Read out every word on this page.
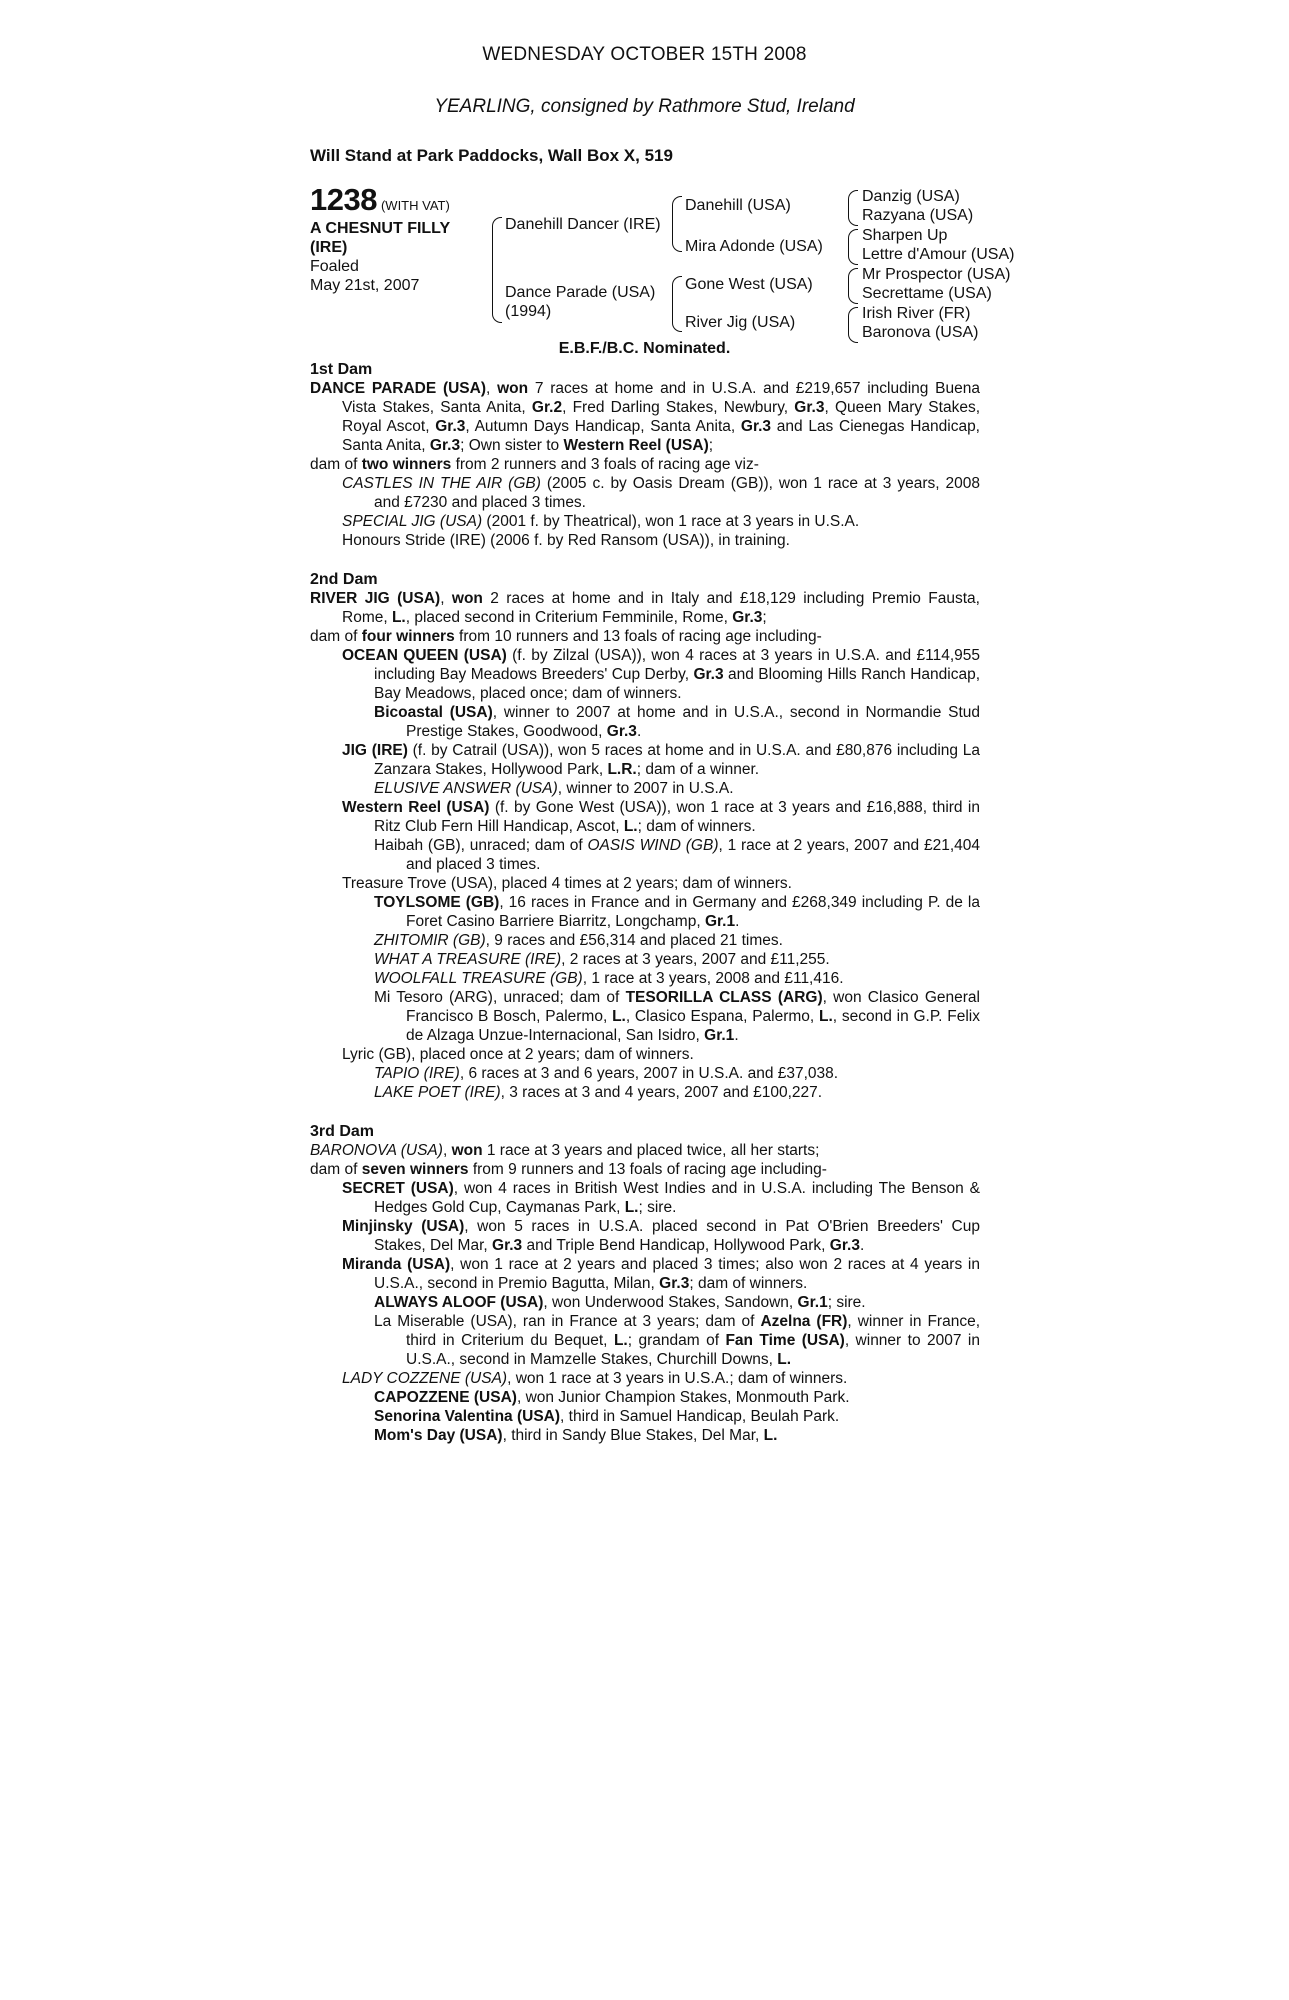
WEDNESDAY OCTOBER 15TH 2008
YEARLING, consigned by Rathmore Stud, Ireland
Will Stand at Park Paddocks, Wall Box X, 519
1238 (WITH VAT)
A CHESNUT FILLY
(IRE)
Foaled
May 21st, 2007
Danehill Dancer (IRE)
Dance Parade (USA)
(1994)
Danehill (USA)
Mira Adonde (USA)
Gone West (USA)
River Jig (USA)
Danzig (USA)
Razyana (USA)
Sharpen Up
Lettre d'Amour (USA)
Mr Prospector (USA)
Secrettame (USA)
Irish River (FR)
Baronova (USA)
E.B.F./B.C. Nominated.
1st Dam
DANCE PARADE (USA), won 7 races at home and in U.S.A. and £219,657 including Buena Vista Stakes, Santa Anita, Gr.2, Fred Darling Stakes, Newbury, Gr.3, Queen Mary Stakes, Royal Ascot, Gr.3, Autumn Days Handicap, Santa Anita, Gr.3 and Las Cienegas Handicap, Santa Anita, Gr.3; Own sister to Western Reel (USA);
dam of two winners from 2 runners and 3 foals of racing age viz-
CASTLES IN THE AIR (GB) (2005 c. by Oasis Dream (GB)), won 1 race at 3 years, 2008 and £7230 and placed 3 times.
SPECIAL JIG (USA) (2001 f. by Theatrical), won 1 race at 3 years in U.S.A.
Honours Stride (IRE) (2006 f. by Red Ransom (USA)), in training.
2nd Dam
RIVER JIG (USA), won 2 races at home and in Italy and £18,129 including Premio Fausta, Rome, L., placed second in Criterium Femminile, Rome, Gr.3;
dam of four winners from 10 runners and 13 foals of racing age including-
OCEAN QUEEN (USA) (f. by Zilzal (USA)), won 4 races at 3 years in U.S.A. and £114,955 including Bay Meadows Breeders' Cup Derby, Gr.3 and Blooming Hills Ranch Handicap, Bay Meadows, placed once; dam of winners.
Bicoastal (USA), winner to 2007 at home and in U.S.A., second in Normandie Stud Prestige Stakes, Goodwood, Gr.3.
JIG (IRE) (f. by Catrail (USA)), won 5 races at home and in U.S.A. and £80,876 including La Zanzara Stakes, Hollywood Park, L.R.; dam of a winner.
ELUSIVE ANSWER (USA), winner to 2007 in U.S.A.
Western Reel (USA) (f. by Gone West (USA)), won 1 race at 3 years and £16,888, third in Ritz Club Fern Hill Handicap, Ascot, L.; dam of winners.
Haibah (GB), unraced; dam of OASIS WIND (GB), 1 race at 2 years, 2007 and £21,404 and placed 3 times.
Treasure Trove (USA), placed 4 times at 2 years; dam of winners.
TOYLSOME (GB), 16 races in France and in Germany and £268,349 including P. de la Foret Casino Barriere Biarritz, Longchamp, Gr.1.
ZHITOMIR (GB), 9 races and £56,314 and placed 21 times.
WHAT A TREASURE (IRE), 2 races at 3 years, 2007 and £11,255.
WOOLFALL TREASURE (GB), 1 race at 3 years, 2008 and £11,416.
Mi Tesoro (ARG), unraced; dam of TESORILLA CLASS (ARG), won Clasico General Francisco B Bosch, Palermo, L., Clasico Espana, Palermo, L., second in G.P. Felix de Alzaga Unzue-Internacional, San Isidro, Gr.1.
Lyric (GB), placed once at 2 years; dam of winners.
TAPIO (IRE), 6 races at 3 and 6 years, 2007 in U.S.A. and £37,038.
LAKE POET (IRE), 3 races at 3 and 4 years, 2007 and £100,227.
3rd Dam
BARONOVA (USA), won 1 race at 3 years and placed twice, all her starts;
dam of seven winners from 9 runners and 13 foals of racing age including-
SECRET (USA), won 4 races in British West Indies and in U.S.A. including The Benson & Hedges Gold Cup, Caymanas Park, L.; sire.
Minjinsky (USA), won 5 races in U.S.A. placed second in Pat O'Brien Breeders' Cup Stakes, Del Mar, Gr.3 and Triple Bend Handicap, Hollywood Park, Gr.3.
Miranda (USA), won 1 race at 2 years and placed 3 times; also won 2 races at 4 years in U.S.A., second in Premio Bagutta, Milan, Gr.3; dam of winners.
ALWAYS ALOOF (USA), won Underwood Stakes, Sandown, Gr.1; sire.
La Miserable (USA), ran in France at 3 years; dam of Azelna (FR), winner in France, third in Criterium du Bequet, L.; grandam of Fan Time (USA), winner to 2007 in U.S.A., second in Mamzelle Stakes, Churchill Downs, L.
LADY COZZENE (USA), won 1 race at 3 years in U.S.A.; dam of winners.
CAPOZZENE (USA), won Junior Champion Stakes, Monmouth Park.
Senorina Valentina (USA), third in Samuel Handicap, Beulah Park.
Mom's Day (USA), third in Sandy Blue Stakes, Del Mar, L.
